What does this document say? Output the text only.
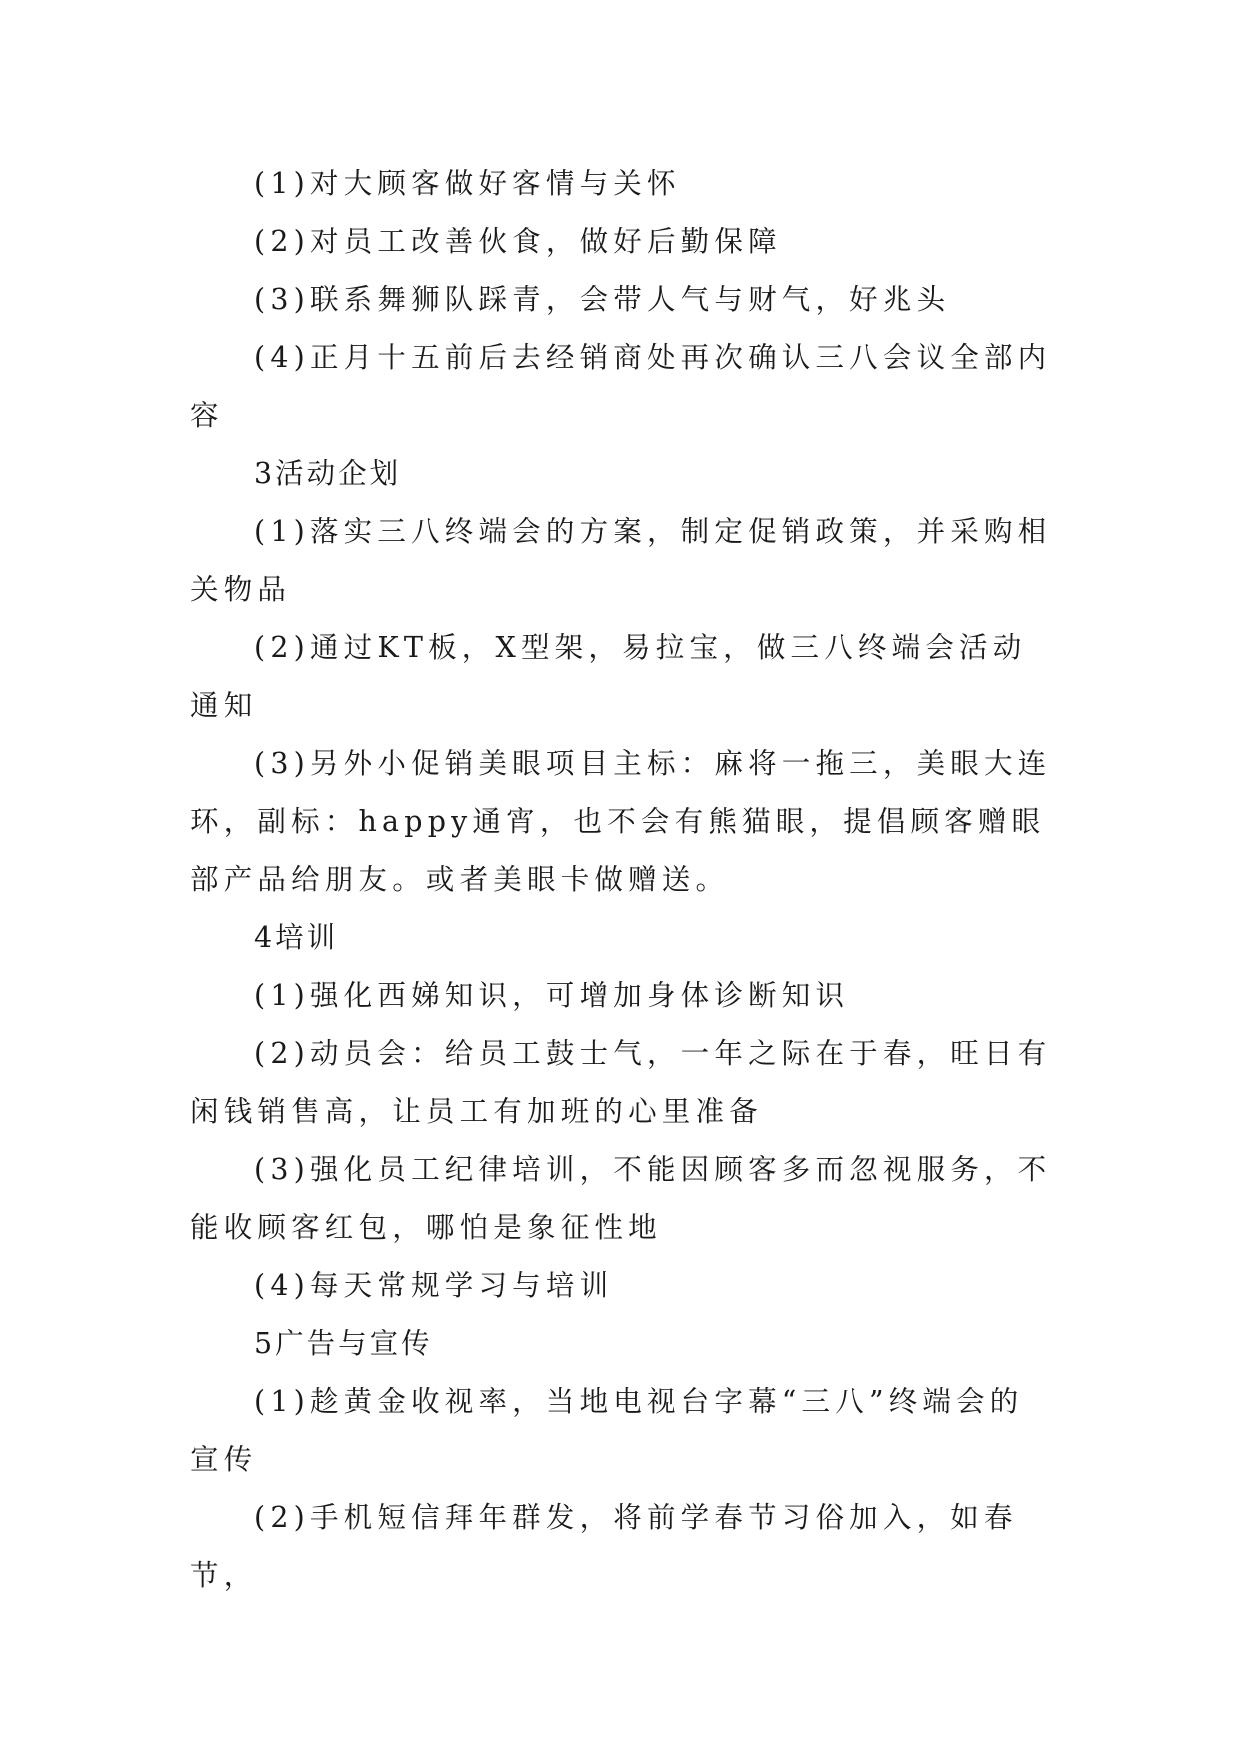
(1)对大顾客做好客情与关怀

(2)对员工改善伙食，做好后勤保障

(3)联系舞狮队踩青，会带人气与财气，好兆头

(4)正月十五前后去经销商处再次确认三八会议全部内容

3活动企划

(1)落实三八终端会的方案，制定促销政策，并采购相关物品

(2)通过KT板，X型架，易拉宝，做三八终端会活动通知

(3)另外小促销美眼项目主标：麻将一拖三，美眼大连环，副标：happy通宵，也不会有熊猫眼，提倡顾客赠眼部产品给朋友。或者美眼卡做赠送。

4培训

(1)强化西娣知识，可增加身体诊断知识

(2)动员会：给员工鼓士气，一年之际在于春，旺日有闲钱销售高，让员工有加班的心里准备

(3)强化员工纪律培训，不能因顾客多而忽视服务，不能收顾客红包，哪怕是象征性地

(4)每天常规学习与培训

5广告与宣传

(1)趁黄金收视率，当地电视台字幕“三八”终端会的宣传

(2)手机短信拜年群发，将前学春节习俗加入，如春节，
